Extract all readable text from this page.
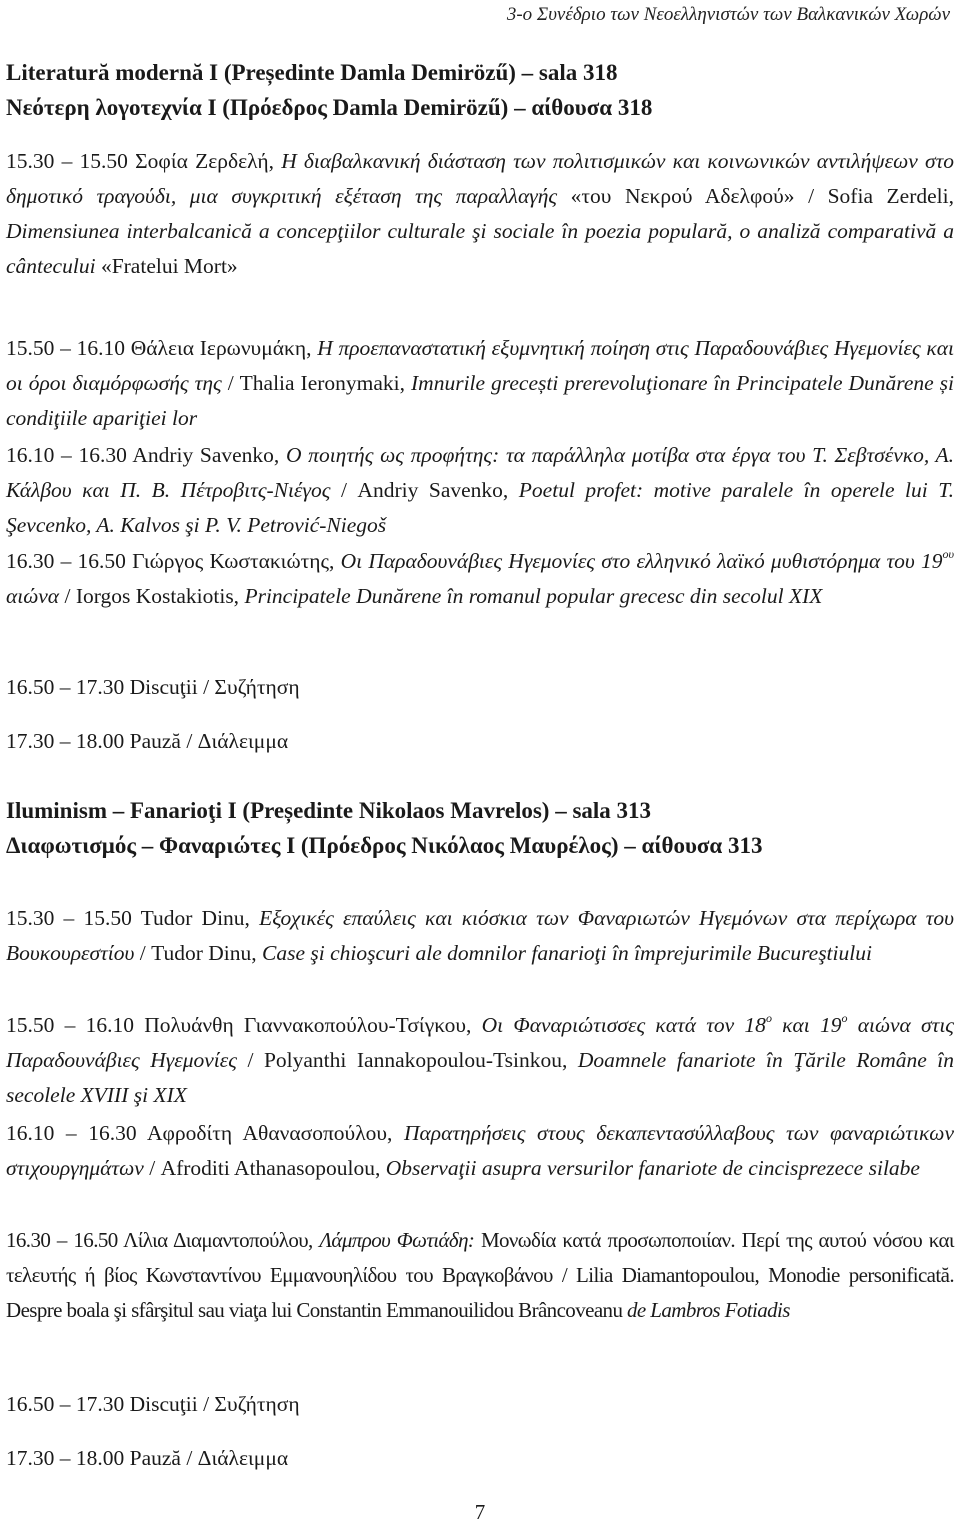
3-o Συνέδριο των Νεοελληνιστών των Βαλκανικών Χωρών
Literatură modernă I (Președinte Damla Demirözű) – sala 318
Νεότερη λογοτεχνία I (Πρόεδρος Damla Demirözű) – αίθουσα 318
15.30 – 15.50 Σοφία Ζερδελή, Η διαβαλκανική διάσταση των πολιτισμικών και κοινωνικών αντιλήψεων στο δημοτικό τραγούδι, μια συγκριτική εξέταση της παραλλαγής «του Νεκρού Αδελφού» / Sofia Zerdeli, Dimensiunea interbalcanică a concepţiilor culturale şi sociale în poezia populară, o analiză comparativă a cântecului «Fratelui Mort»
15.50 – 16.10 Θάλεια Ιερωνυμάκη, Η προεπαναστατική εξυμνητική ποίηση στις Παραδουνάβιες Ηγεμονίες και οι όροι διαμόρφωσής της / Thalia Ieronymaki, Imnurile grecești prerevoluţionare în Principatele Dunărene și condiţiile apariţiei lor
16.10 – 16.30 Andriy Savenko, O ποιητής ως προφήτης: τα παράλληλα μοτίβα στα έργα του Τ. Σεβτσένκο, Α. Κάλβου και Π. Β. Πέτροβιτς-Νιέγος / Andriy Savenko, Poetul profet: motive paralele în operele lui T. Şevcenko, A. Kalvos şi P. V. Petrović-Niegoš
16.30 – 16.50 Γιώργος Κωστακιώτης, Οι Παραδουνάβιες Ηγεμονίες στο ελληνικό λαϊκό μυθιστόρημα του $19^{o\upsilon}$ αιώνα / Iorgos Kostakiotis, Principatele Dunărene în romanul popular grecesc din secolul XIX
16.50 – 17.30 Discuţii / Συζήτηση
17.30 – 18.00 Pauză / Διάλειμμα
Iluminism – Fanarioţi I (Președinte Nikolaos Mavrelos) – sala 313
Διαφωτισμός – Φαναριώτες Ι (Πρόεδρος Νικόλαος Μαυρέλος) – αίθουσα 313
15.30 – 15.50 Tudor Dinu, Εξοχικές επαύλεις και κιόσκια των Φαναριωτών Ηγεμόνων στα περίχωρα του Βουκουρεστίου / Tudor Dinu, Case şi chioşcuri ale domnilor fanarioţi în împrejurimile Bucureştiului
15.50 – 16.10 Πολυάνθη Γιαννακοπούλου-Τσίγκου, Οι Φαναριώτισσες κατά τον $18^o$ και $19^o$ αιώνα στις Παραδουνάβιες Ηγεμονίες / Polyanthi Iannakopoulou-Tsinkou, Doamnele fanariote în Ţările Române în secolele XVIII şi XIX
16.10 – 16.30 Αφροδίτη Αθανασοπούλου, Παρατηρήσεις στους δεκαπεντασύλλαβους των φαναριώτικων στιχουργημάτων / Afroditi Athanasopoulou, Observaţii asupra versurilor fanariote de cincisprezece silabe
16.30 – 16.50 Λίλια Διαμαντοπούλου, Λάμπρου Φωτιάδη: Μονωδία κατά προσωποποιίαν. Περί της αυτού νόσου και τελευτής ή βίος Κωνσταντίνου Εμμανουηλίδου του Βραγκοβάνου / Lilia Diamantopoulou, Monodie personificată. Despre boala şi sfârşitul sau viaţa lui Constantin Emmanouilidou Brâncoveanu de Lambros Fotiadis
16.50 – 17.30 Discuţii / Συζήτηση
17.30 – 18.00 Pauză / Διάλειμμα
7
